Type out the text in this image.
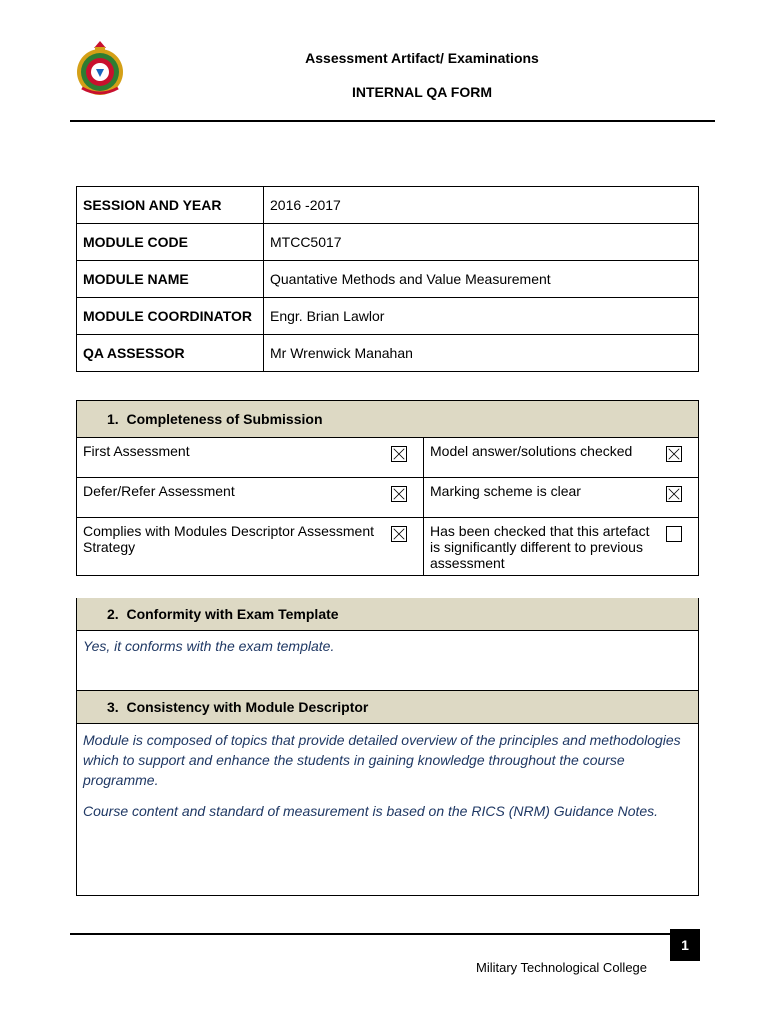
Assessment Artifact/ Examinations
INTERNAL QA FORM
SESSION AND YEAR	2016 -2017
MODULE CODE	MTCC5017
MODULE NAME	Quantative Methods and Value Measurement
MODULE COORDINATOR	Engr. Brian Lawlor
QA ASSESSOR	Mr Wrenwick Manahan
1.  Completeness of Submission	
First Assessment	Model answer/solutions checked

Defer/Refer Assessment	Marking scheme is clear

Complies with Modules Descriptor Assessment Strategy	Has been checked that this artefact is significantly different to previous assessment
2.  Conformity with Exam Template
Yes, it conforms with the exam template.
3.  Consistency with Module Descriptor

Module is composed of topics that provide detailed overview of the principles and methodologies which to support and enhance the students in gaining knowledge throughout the course programme.

Course content and standard of measurement is based on the RICS (NRM) Guidance Notes.

1
Military Technological College
